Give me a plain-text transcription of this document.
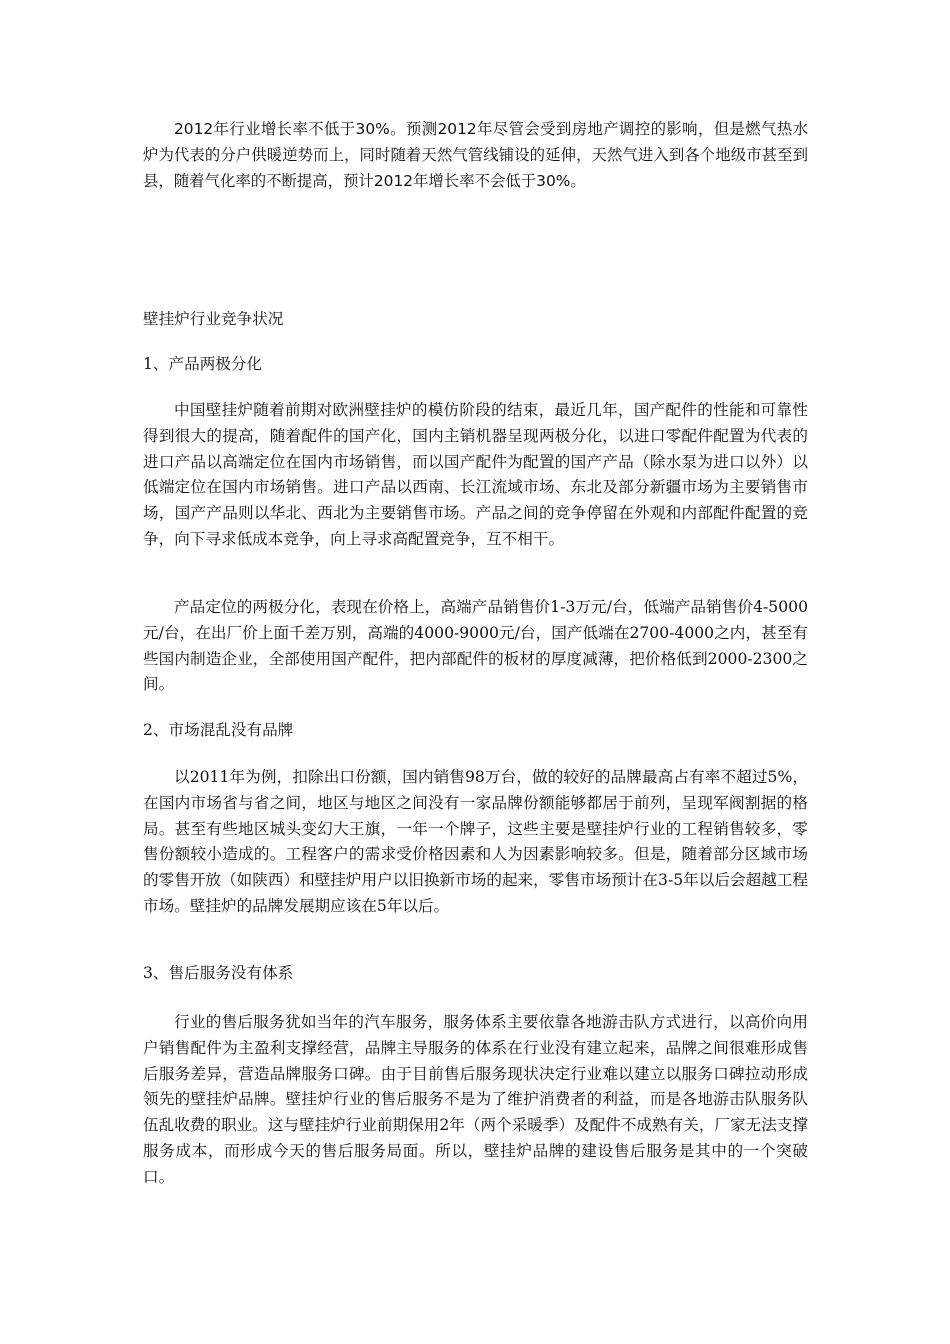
2012年行业增长率不低于30%。预测2012年尽管会受到房地产调控的影响，但是燃气热水炉为代表的分户供暖逆势而上，同时随着天然气管线铺设的延伸，天然气进入到各个地级市甚至到县，随着气化率的不断提高，预计2012年增长率不会低于30%。

壁挂炉行业竞争状况

1、产品两极分化

中国壁挂炉随着前期对欧洲壁挂炉的模仿阶段的结束，最近几年，国产配件的性能和可靠性得到很大的提高，随着配件的国产化，国内主销机器呈现两极分化，以进口零配件配置为代表的进口产品以高端定位在国内市场销售，而以国产配件为配置的国产产品（除水泵为进口以外）以低端定位在国内市场销售。进口产品以西南、长江流域市场、东北及部分新疆市场为主要销售市场，国产产品则以华北、西北为主要销售市场。产品之间的竞争停留在外观和内部配件配置的竞争，向下寻求低成本竞争，向上寻求高配置竞争，互不相干。

产品定位的两极分化，表现在价格上，高端产品销售价1-3万元/台，低端产品销售价4-5000元/台，在出厂价上面千差万别，高端的4000-9000元/台，国产低端在2700-4000之内，甚至有些国内制造企业，全部使用国产配件，把内部配件的板材的厚度减薄，把价格低到2000-2300之间。

2、市场混乱没有品牌

以2011年为例，扣除出口份额，国内销售98万台，做的较好的品牌最高占有率不超过5%，在国内市场省与省之间，地区与地区之间没有一家品牌份额能够都居于前列，呈现军阀割据的格局。甚至有些地区城头变幻大王旗，一年一个牌子，这些主要是壁挂炉行业的工程销售较多，零售份额较小造成的。工程客户的需求受价格因素和人为因素影响较多。但是，随着部分区域市场的零售开放（如陕西）和壁挂炉用户以旧换新市场的起来，零售市场预计在3-5年以后会超越工程市场。壁挂炉的品牌发展期应该在5年以后。

3、售后服务没有体系

行业的售后服务犹如当年的汽车服务，服务体系主要依靠各地游击队方式进行，以高价向用户销售配件为主盈利支撑经营，品牌主导服务的体系在行业没有建立起来，品牌之间很难形成售后服务差异，营造品牌服务口碑。由于目前售后服务现状决定行业难以建立以服务口碑拉动形成领先的壁挂炉品牌。壁挂炉行业的售后服务不是为了维护消费者的利益，而是各地游击队服务队伍乱收费的职业。这与壁挂炉行业前期保用2年（两个采暖季）及配件不成熟有关，厂家无法支撑服务成本，而形成今天的售后服务局面。所以，壁挂炉品牌的建设售后服务是其中的一个突破口。
